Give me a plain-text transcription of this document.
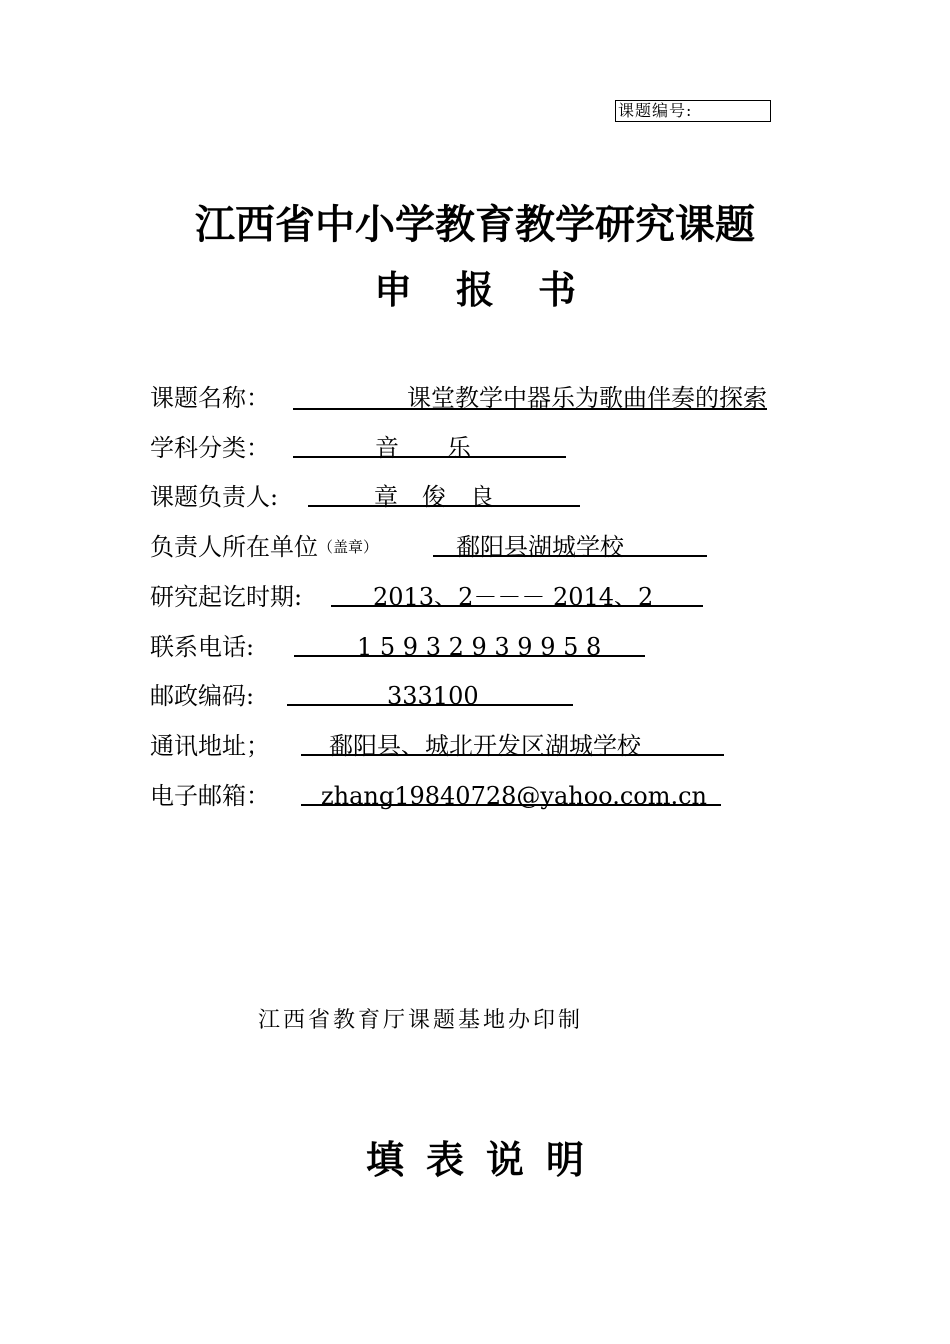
课题编号:
江西省中小学教育教学研究课题
申报书
课题名称：	课堂教学中器乐为歌曲伴奏的探索
学科分类：	音　　乐
课题负责人:	章　俊　良
负责人所在单位（盖章）	鄱阳县湖城学校
研究起讫时期:	2013、2－－－ 2014、2
联系电话:	1 5 9 3 2 9 3 9 9 5 8
邮政编码:	333100
通讯地址；	鄱阳县、城北开发区湖城学校
电子邮箱：	zhang19840728@yahoo.com.cn
江西省教育厅课题基地办印制
填表说明
